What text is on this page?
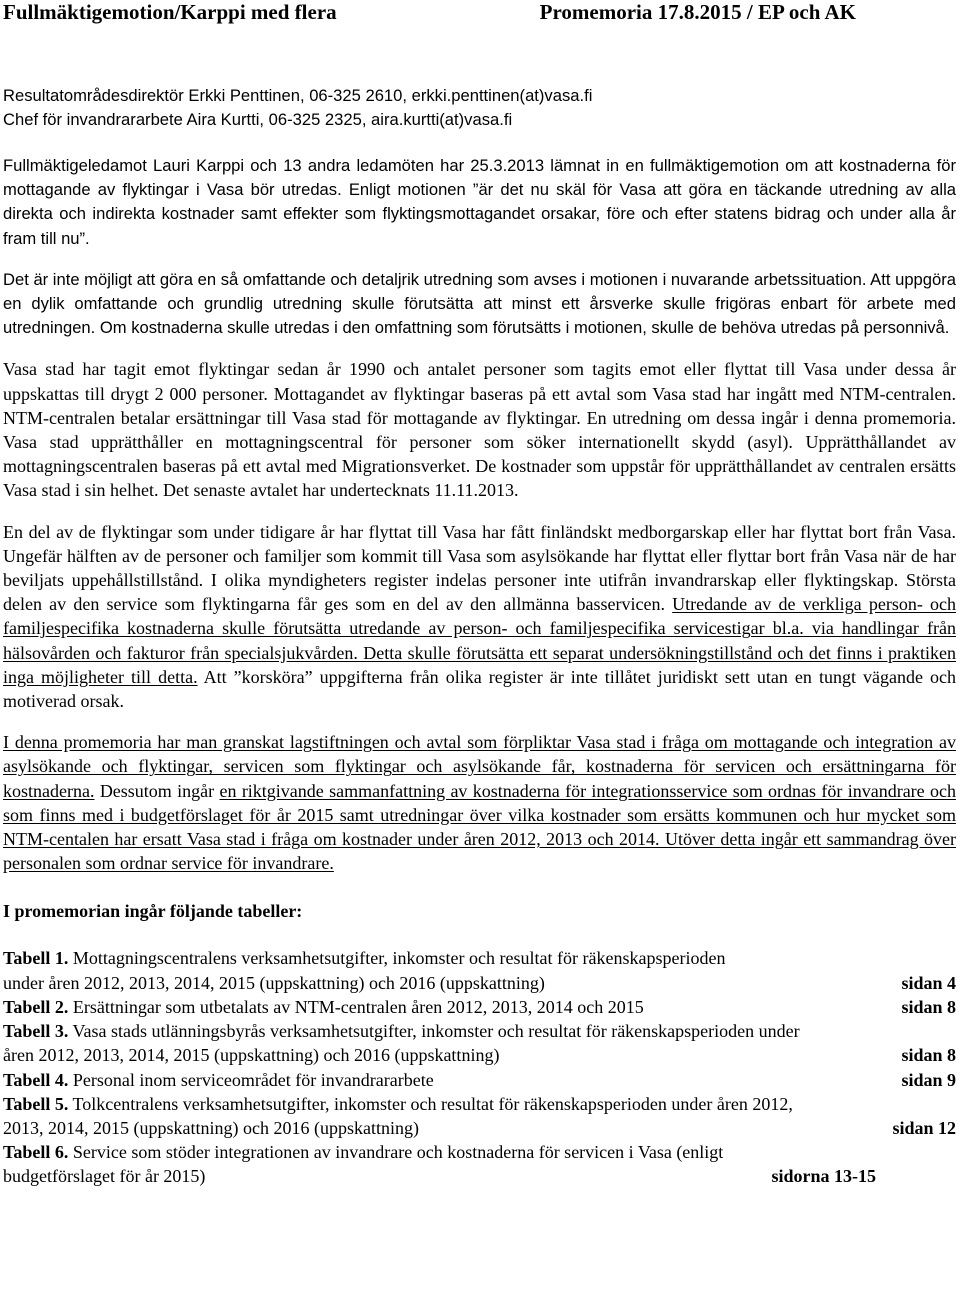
Fullmäktigemotion/Karppi med flera	Promemoria 17.8.2015 / EP och AK
Resultatområdesdirektör Erkki Penttinen, 06-325 2610, erkki.penttinen(at)vasa.fi
Chef för invandrararbete Aira Kurtti, 06-325 2325, aira.kurtti(at)vasa.fi

Fullmäktigeledamot Lauri Karppi och 13 andra ledamöten har 25.3.2013 lämnat in en fullmäktigemotion om att kostnaderna för mottagande av flyktingar i Vasa bör utredas. Enligt motionen ”är det nu skäl för Vasa att göra en täckande utredning av alla direkta och indirekta kostnader samt effekter som flyktingsmottagandet orsakar, före och efter statens bidrag och under alla år fram till nu”.

Det är inte möjligt att göra en så omfattande och detaljrik utredning som avses i motionen i nuvarande arbetssituation. Att uppgöra en dylik omfattande och grundlig utredning skulle förutsätta att minst ett årsverke skulle frigöras enbart för arbete med utredningen. Om kostnaderna skulle utredas i den omfattning som förutsätts i motionen, skulle de behöva utredas på personnivå.

Vasa stad har tagit emot flyktingar sedan år 1990 och antalet personer som tagits emot eller flyttat till Vasa under dessa år uppskattas till drygt 2 000 personer. Mottagandet av flyktingar baseras på ett avtal som Vasa stad har ingått med NTM-centralen. NTM-centralen betalar ersättningar till Vasa stad för mottagande av flyktingar. En utredning om dessa ingår i denna promemoria. Vasa stad upprätthåller en mottagningscentral för personer som söker internationellt skydd (asyl). Upprätthållandet av mottagningscentralen baseras på ett avtal med Migrationsverket. De kostnader som uppstår för upprätthållandet av centralen ersätts Vasa stad i sin helhet. Det senaste avtalet har undertecknats 11.11.2013.

En del av de flyktingar som under tidigare år har flyttat till Vasa har fått finländskt medborgarskap eller har flyttat bort från Vasa. Ungefär hälften av de personer och familjer som kommit till Vasa som asylsökande har flyttat eller flyttar bort från Vasa när de har beviljats uppehållstillstånd. I olika myndigheters register indelas personer inte utifrån invandrarskap eller flyktingskap. Största delen av den service som flyktingarna får ges som en del av den allmänna basservicen. Utredande av de verkliga person- och familjespecifika kostnaderna skulle förutsätta utredande av person- och familjespecifika servicestigar bl.a. via handlingar från hälsovården och fakturor från specialsjukvården. Detta skulle förutsätta ett separat undersökningstillstånd och det finns i praktiken inga möjligheter till detta. Att ”korsköra” uppgifterna från olika register är inte tillåtet juridiskt sett utan en tungt vägande och motiverad orsak.

I denna promemoria har man granskat lagstiftningen och avtal som förpliktar Vasa stad i fråga om mottagande och integration av asylsökande och flyktingar, servicen som flyktingar och asylsökande får, kostnaderna för servicen och ersättningarna för kostnaderna. Dessutom ingår en riktgivande sammanfattning av kostnaderna för integrationsservice som ordnas för invandrare och som finns med i budgetförslaget för år 2015 samt utredningar över vilka kostnader som ersätts kommunen och hur mycket som NTM-centalen har ersatt Vasa stad i fråga om kostnader under åren 2012, 2013 och 2014. Utöver detta ingår ett sammandrag över personalen som ordnar service för invandrare.

I promemorian ingår följande tabeller:
Tabell 1. Mottagningscentralens verksamhetsutgifter, inkomster och resultat för räkenskapsperioden
under åren 2012, 2013, 2014, 2015 (uppskattning) och 2016 (uppskattning)	sidan 4
Tabell 2. Ersättningar som utbetalats av NTM-centralen åren 2012, 2013, 2014 och 2015	sidan 8
Tabell 3. Vasa stads utlänningsbyrås verksamhetsutgifter, inkomster och resultat för räkenskapsperioden under
åren 2012, 2013, 2014, 2015 (uppskattning) och 2016 (uppskattning)	sidan 8
Tabell 4. Personal inom serviceområdet för invandrararbete	sidan 9
Tabell 5. Tolkcentralens verksamhetsutgifter, inkomster och resultat för räkenskapsperioden under åren 2012,
2013, 2014, 2015 (uppskattning) och 2016 (uppskattning)	sidan 12
Tabell 6. Service som stöder integrationen av invandrare och kostnaderna för servicen i Vasa (enligt
budgetförslaget för år 2015)	sidorna 13-15
